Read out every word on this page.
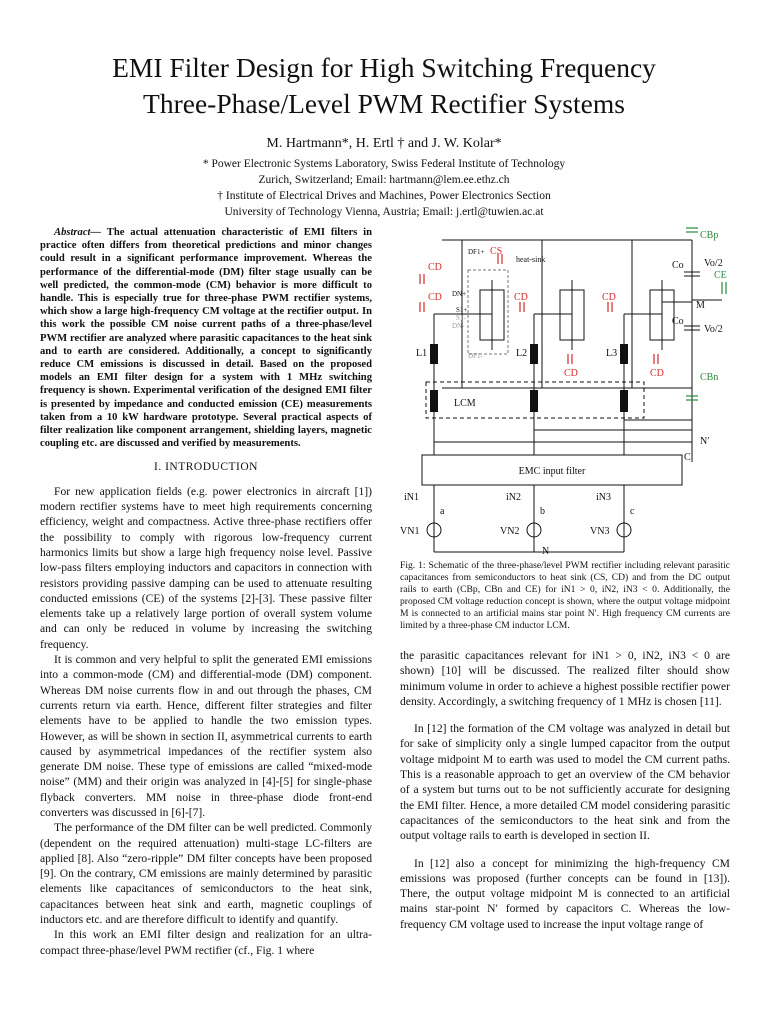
EMI Filter Design for High Switching Frequency
Three-Phase/Level PWM Rectifier Systems
M. Hartmann*, H. Ertl † and J. W. Kolar*
* Power Electronic Systems Laboratory, Swiss Federal Institute of Technology
Zurich, Switzerland; Email: hartmann@lem.ee.ethz.ch
† Institute of Electrical Drives and Machines, Power Electronics Section
University of Technology Vienna, Austria; Email: j.ertl@tuwien.ac.at

Abstract— The actual attenuation characteristic of EMI filters in practice often differs from theoretical predictions and minor changes could result in a significant performance improvement. Whereas the performance of the differential-mode (DM) filter stage usually can be well predicted, the common-mode (CM) behavior is more difficult to handle. This is especially true for three-phase PWM rectifier systems, which show a large high-frequency CM voltage at the rectifier output. In this work the possible CM noise current paths of a three-phase/level PWM rectifier are analyzed where parasitic capacitances to the heat sink and to earth are considered. Additionally, a concept to significantly reduce CM emissions is discussed in detail. Based on the proposed models an EMI filter design for a system with 1 MHz switching frequency is shown. Experimental verification of the designed EMI filter is presented by impedance and conducted emission (CE) measurements taken from a 10 kW hardware prototype. Several practical aspects of filter realization like component arrangement, shielding layers, magnetic coupling etc. are discussed and verified by measurements.

I. INTRODUCTION

For new application fields (e.g. power electronics in aircraft [1]) modern rectifier systems have to meet high requirements concerning efficiency, weight and compactness. Active three-phase rectifiers offer the possibility to comply with rigorous low-frequency current harmonics limits but show a large high frequency noise level. Passive low-pass filters employing inductors and capacitors in connection with resistors providing passive damping can be used to attenuate resulting conducted emissions (CE) of the systems [2]-[3]. These passive filter elements take up a relatively large portion of overall system volume and can only be reduced in volume by increasing the switching frequency.

It is common and very helpful to split the generated EMI emissions into a common-mode (CM) and differential-mode (DM) component. Whereas DM noise currents flow in and out through the phases, CM currents return via earth. Hence, different filter strategies and filter elements have to be applied to handle the two emission types. However, as will be shown in section II, asymmetrical currents to earth caused by asymmetrical impedances of the rectifier system also generate DM noise. These type of emissions are called “mixed-mode noise” (MM) and their origin was analyzed in [4]-[5] for single-phase flyback converters. MM noise in three-phase diode front-end converters was discussed in [6]-[7].

The performance of the DM filter can be well predicted. Commonly (dependent on the required attenuation) multi-stage LC-filters are applied [8]. Also “zero-ripple” DM filter concepts have been proposed [9]. On the contrary, CM emissions are mainly determined by parasitic elements like capacitances of semiconductors to the heat sink, capacitances between heat sink and earth, magnetic couplings of inductors etc. and are therefore difficult to identify and quantify.

In this work an EMI filter design and realization for an ultra-compact three-phase/level PWM rectifier (cf., Fig. 1 where

CBp
CBn
CE
Co
Co
Vo/2
Vo/2
M
heat-sink
CS
CD
CD	CD	CD
CD	CD
DF1+
DF1-
DN+
DN-
S1+
S1-
L1	L2	L3
LCM
EMC input filter
N′
C
iN1	iN2	iN3
a	b	c
VN1	VN2	VN3
N
Fig. 1: Schematic of the three-phase/level PWM rectifier including relevant parasitic capacitances from semiconductors to heat sink (CS, CD) and from the DC output rails to earth (CBp, CBn and CE) for iN1 > 0, iN2, iN3 < 0. Additionally, the proposed CM voltage reduction concept is shown, where the output voltage midpoint M is connected to an artificial mains star point N′. High frequency CM currents are limited by a three-phase CM inductor LCM.

the parasitic capacitances relevant for iN1 > 0, iN2, iN3 < 0 are shown) [10] will be discussed. The realized filter should show minimum volume in order to achieve a highest possible rectifier power density. Accordingly, a switching frequency of 1 MHz is chosen [11].

In [12] the formation of the CM voltage was analyzed in detail but for sake of simplicity only a single lumped capacitor from the output voltage midpoint M to earth was used to model the CM current paths. This is a reasonable approach to get an overview of the CM behavior of a system but turns out to be not sufficiently accurate for designing the EMI filter. Hence, a more detailed CM model considering parasitic capacitances of the semiconductors to the heat sink and from the output voltage rails to earth is developed in section II.

In [12] also a concept for minimizing the high-frequency CM emissions was proposed (further concepts can be found in [13]). There, the output voltage midpoint M is connected to an artificial mains star-point N′ formed by capacitors C. Whereas the low-frequency CM voltage used to increase the input voltage range of
